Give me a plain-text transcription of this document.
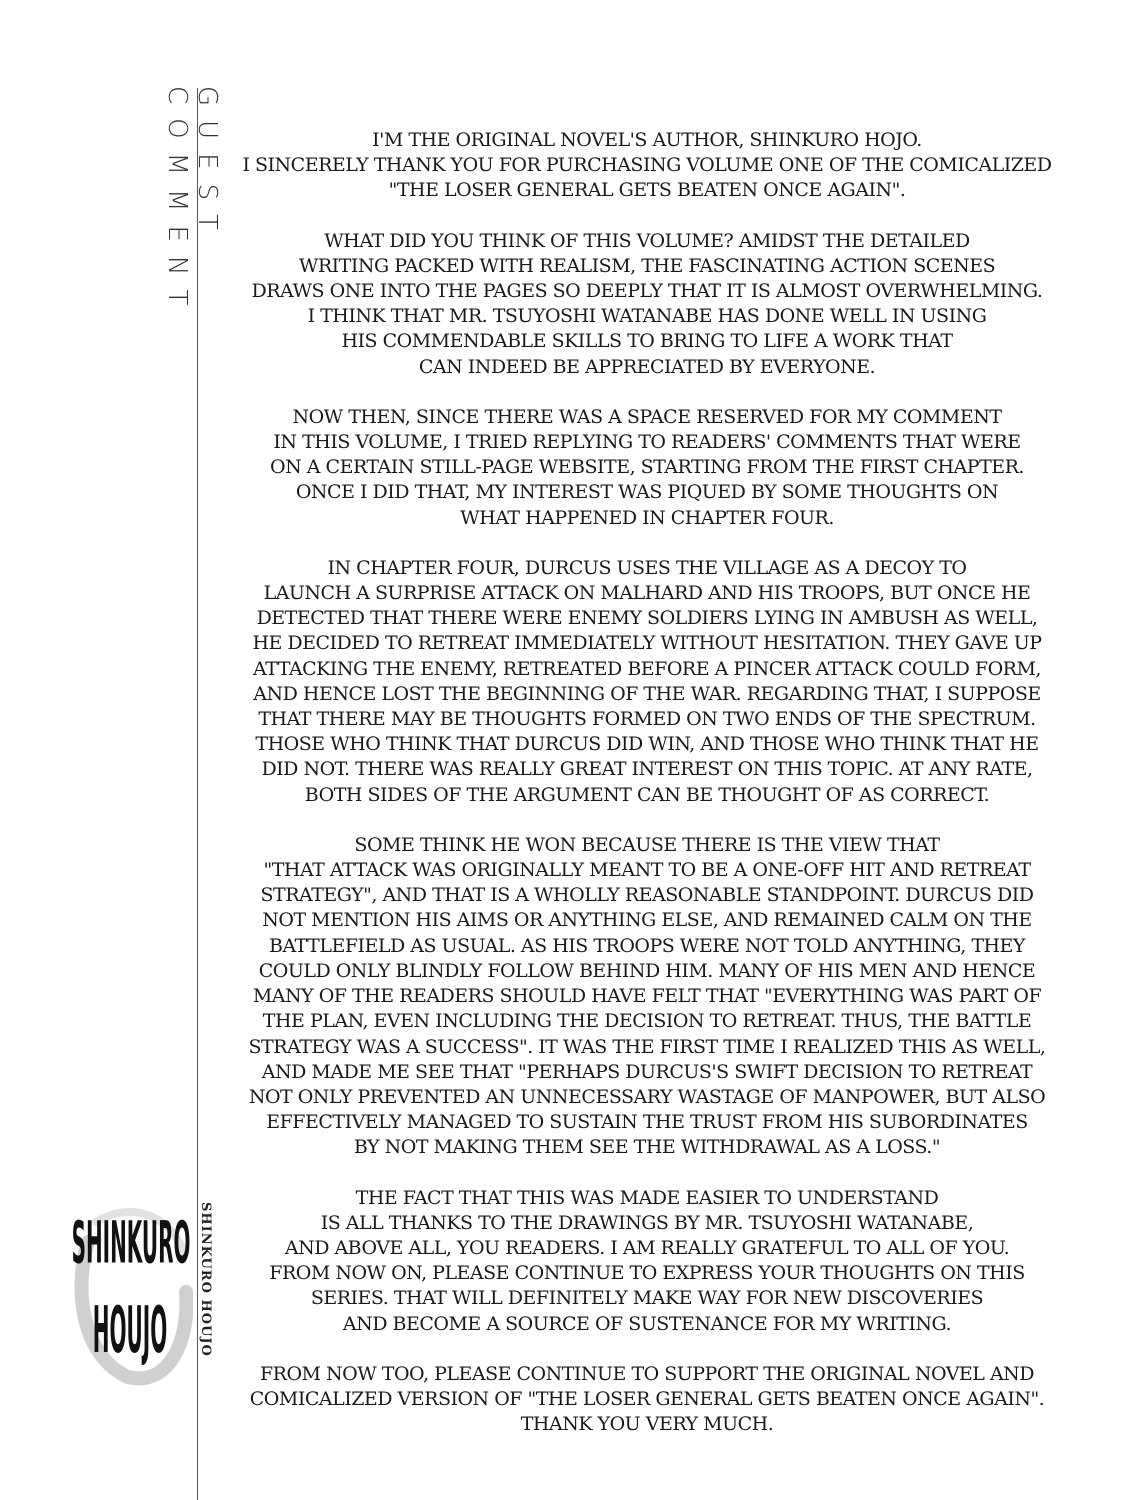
GUEST
COMMENT
SHINKURO
HOUJO SHINKURO HOUJO

I'M THE ORIGINAL NOVEL'S AUTHOR, SHINKURO HOJO.
I SINCERELY THANK YOU FOR PURCHASING VOLUME ONE OF THE COMICALIZED
"THE LOSER GENERAL GETS BEATEN ONCE AGAIN".

WHAT DID YOU THINK OF THIS VOLUME? AMIDST THE DETAILED
WRITING PACKED WITH REALISM, THE FASCINATING ACTION SCENES
DRAWS ONE INTO THE PAGES SO DEEPLY THAT IT IS ALMOST OVERWHELMING.
I THINK THAT MR. TSUYOSHI WATANABE HAS DONE WELL IN USING
HIS COMMENDABLE SKILLS TO BRING TO LIFE A WORK THAT
CAN INDEED BE APPRECIATED BY EVERYONE.

NOW THEN, SINCE THERE WAS A SPACE RESERVED FOR MY COMMENT
IN THIS VOLUME, I TRIED REPLYING TO READERS' COMMENTS THAT WERE
ON A CERTAIN STILL-PAGE WEBSITE, STARTING FROM THE FIRST CHAPTER.
ONCE I DID THAT, MY INTEREST WAS PIQUED BY SOME THOUGHTS ON
WHAT HAPPENED IN CHAPTER FOUR.

IN CHAPTER FOUR, DURCUS USES THE VILLAGE AS A DECOY TO
LAUNCH A SURPRISE ATTACK ON MALHARD AND HIS TROOPS, BUT ONCE HE
DETECTED THAT THERE WERE ENEMY SOLDIERS LYING IN AMBUSH AS WELL,
HE DECIDED TO RETREAT IMMEDIATELY WITHOUT HESITATION. THEY GAVE UP
ATTACKING THE ENEMY, RETREATED BEFORE A PINCER ATTACK COULD FORM,
AND HENCE LOST THE BEGINNING OF THE WAR. REGARDING THAT, I SUPPOSE
THAT THERE MAY BE THOUGHTS FORMED ON TWO ENDS OF THE SPECTRUM.
THOSE WHO THINK THAT DURCUS DID WIN, AND THOSE WHO THINK THAT HE
DID NOT. THERE WAS REALLY GREAT INTEREST ON THIS TOPIC. AT ANY RATE,
BOTH SIDES OF THE ARGUMENT CAN BE THOUGHT OF AS CORRECT.

SOME THINK HE WON BECAUSE THERE IS THE VIEW THAT
"THAT ATTACK WAS ORIGINALLY MEANT TO BE A ONE-OFF HIT AND RETREAT
STRATEGY", AND THAT IS A WHOLLY REASONABLE STANDPOINT. DURCUS DID
NOT MENTION HIS AIMS OR ANYTHING ELSE, AND REMAINED CALM ON THE
BATTLEFIELD AS USUAL. AS HIS TROOPS WERE NOT TOLD ANYTHING, THEY
COULD ONLY BLINDLY FOLLOW BEHIND HIM. MANY OF HIS MEN AND HENCE
MANY OF THE READERS SHOULD HAVE FELT THAT "EVERYTHING WAS PART OF
THE PLAN, EVEN INCLUDING THE DECISION TO RETREAT. THUS, THE BATTLE
STRATEGY WAS A SUCCESS". IT WAS THE FIRST TIME I REALIZED THIS AS WELL,
AND MADE ME SEE THAT "PERHAPS DURCUS'S SWIFT DECISION TO RETREAT
NOT ONLY PREVENTED AN UNNECESSARY WASTAGE OF MANPOWER, BUT ALSO
EFFECTIVELY MANAGED TO SUSTAIN THE TRUST FROM HIS SUBORDINATES
BY NOT MAKING THEM SEE THE WITHDRAWAL AS A LOSS."

THE FACT THAT THIS WAS MADE EASIER TO UNDERSTAND
IS ALL THANKS TO THE DRAWINGS BY MR. TSUYOSHI WATANABE,
AND ABOVE ALL, YOU READERS. I AM REALLY GRATEFUL TO ALL OF YOU.
FROM NOW ON, PLEASE CONTINUE TO EXPRESS YOUR THOUGHTS ON THIS
SERIES. THAT WILL DEFINITELY MAKE WAY FOR NEW DISCOVERIES
AND BECOME A SOURCE OF SUSTENANCE FOR MY WRITING.

FROM NOW TOO, PLEASE CONTINUE TO SUPPORT THE ORIGINAL NOVEL AND
COMICALIZED VERSION OF "THE LOSER GENERAL GETS BEATEN ONCE AGAIN".
THANK YOU VERY MUCH.
